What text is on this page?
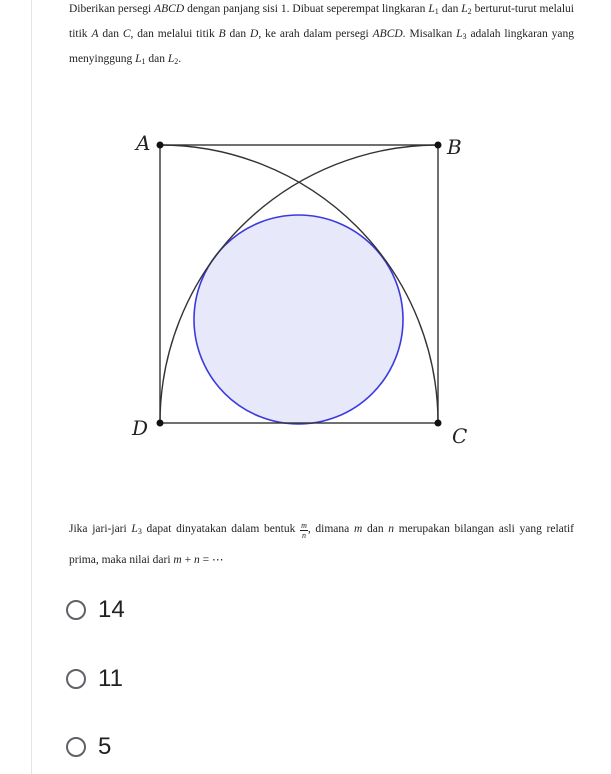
Diberikan persegi ABCD dengan panjang sisi 1. Dibuat seperempat lingkaran $L_1$ dan $L_2$ berturut-turut melalui titik A dan C, dan melalui titik B dan D, ke arah dalam persegi ABCD. Misalkan $L_3$ adalah lingkaran yang menyinggung $L_1$ dan $L_2$.
A	B
C
D
Jika jari-jari $L_3$ dapat dinyatakan dalam bentuk $\frac{m}{n}$ , dimana m dan n merupakan bilangan asli yang relatif prima, maka nilai dari m + n = ⋯
14
11
5
